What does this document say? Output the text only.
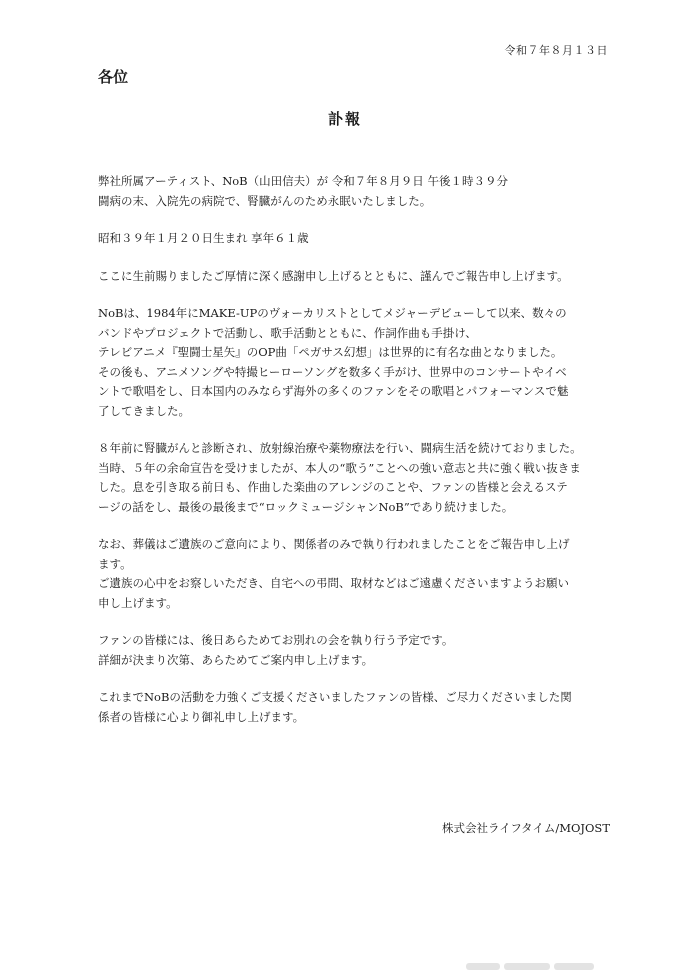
令和７年８月１３日
各位
訃報
弊社所属アーティスト、NoB（山田信夫）が 令和７年８月９日 午後１時３９分
闘病の末、入院先の病院で、腎臓がんのため永眠いたしました。
昭和３９年１月２０日生まれ 享年６１歳
ここに生前賜りましたご厚情に深く感謝申し上げるとともに、謹んでご報告申し上げます。
NoBは、1984年にMAKE-UPのヴォーカリストとしてメジャーデビューして以来、数々の
バンドやプロジェクトで活動し、歌手活動とともに、作詞作曲も手掛け、
テレビアニメ『聖闘士星矢』のOP曲「ペガサス幻想」は世界的に有名な曲となりました。
その後も、アニメソングや特撮ヒーローソングを数多く手がけ、世界中のコンサートやイベ
ントで歌唱をし、日本国内のみならず海外の多くのファンをその歌唱とパフォーマンスで魅
了してきました。
８年前に腎臓がんと診断され、放射線治療や薬物療法を行い、闘病生活を続けておりました。
当時、５年の余命宣告を受けましたが、本人の“歌う”ことへの強い意志と共に強く戦い抜きま
した。息を引き取る前日も、作曲した楽曲のアレンジのことや、ファンの皆様と会えるステ
ージの話をし、最後の最後まで“ロックミュージシャンNoB”であり続けました。
なお、葬儀はご遺族のご意向により、関係者のみで執り行われましたことをご報告申し上げ
ます。
ご遺族の心中をお察しいただき、自宅への弔問、取材などはご遠慮くださいますようお願い
申し上げます。
ファンの皆様には、後日あらためてお別れの会を執り行う予定です。
詳細が決まり次第、あらためてご案内申し上げます。
これまでNoBの活動を力強くご支援くださいましたファンの皆様、ご尽力くださいました関
係者の皆様に心より御礼申し上げます。
株式会社ライフタイム/MOJOST
